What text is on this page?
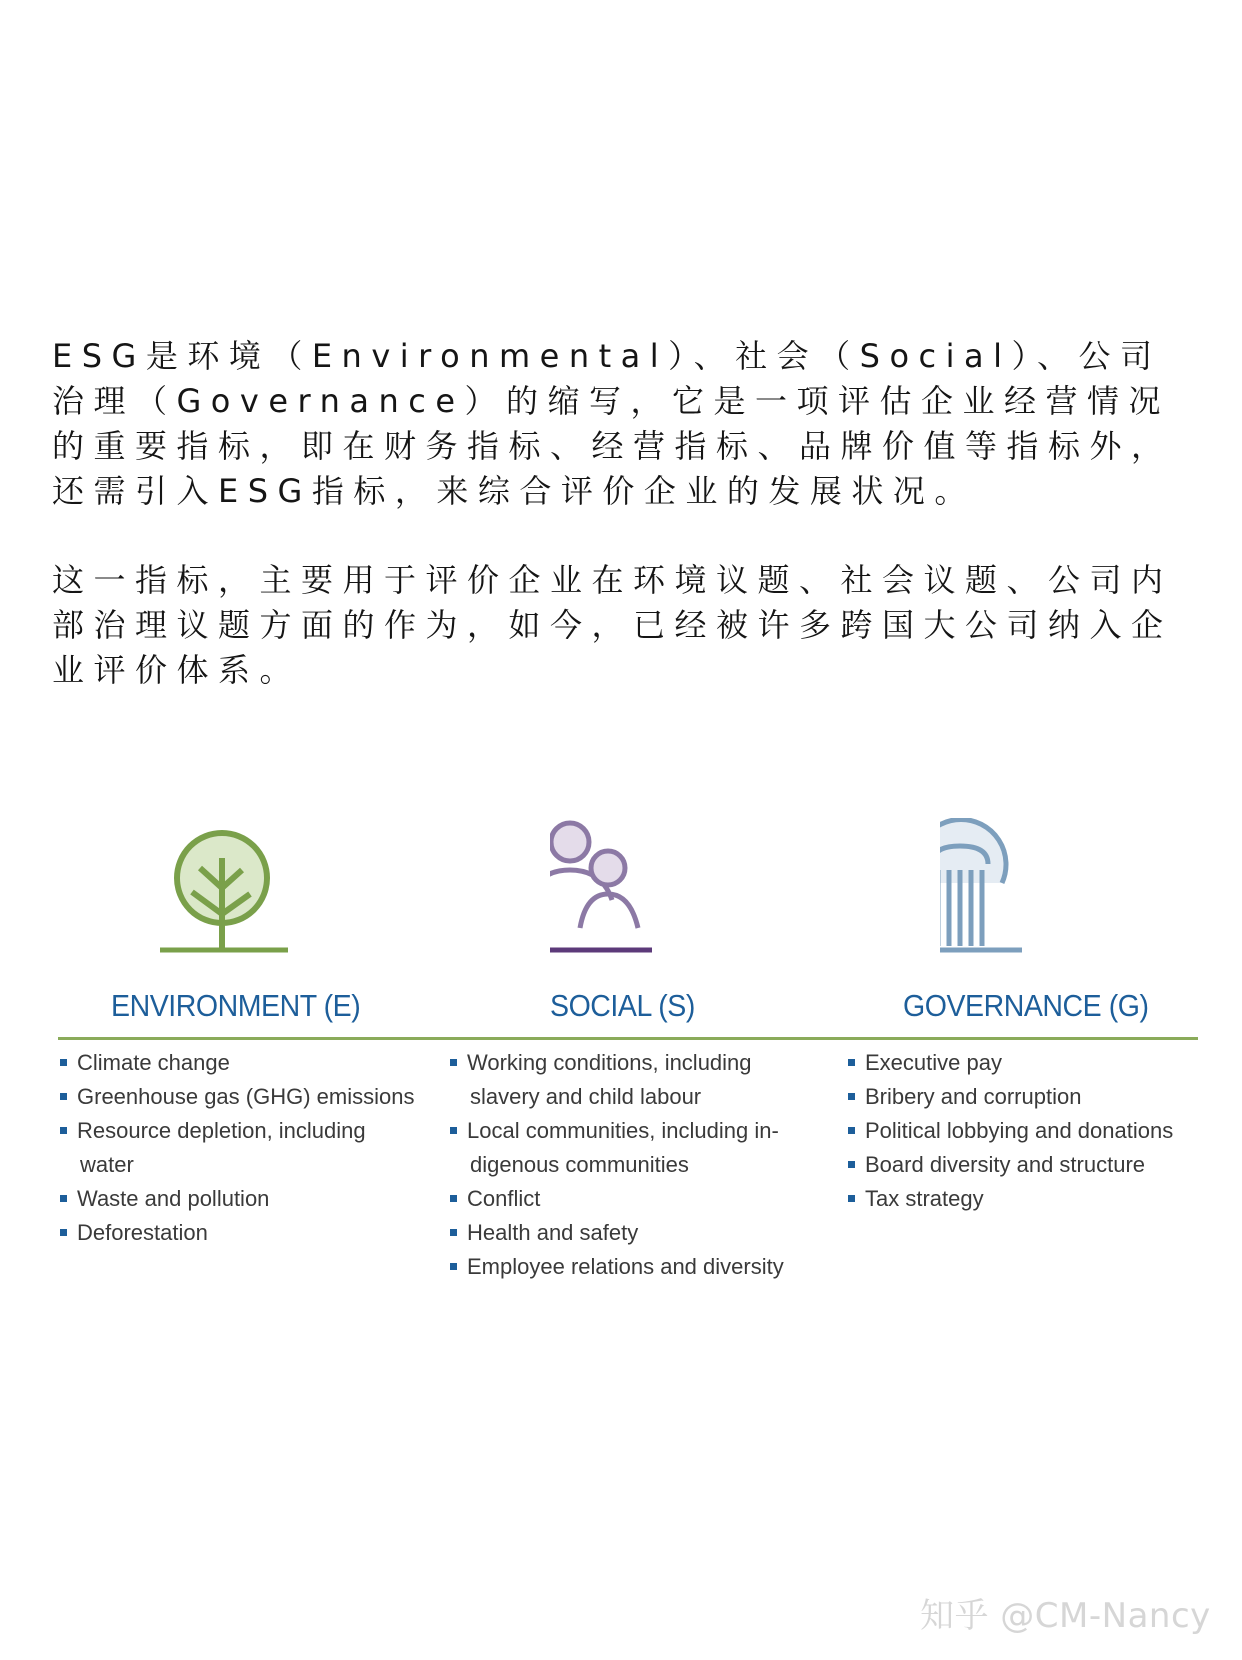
ESG是环境（Environmental）、社会（Social）、公司治理（Governance）的缩写，它是一项评估企业经营情况的重要指标，即在财务指标、经营指标、品牌价值等指标外，还需引入ESG指标，来综合评价企业的发展状况。

这一指标，主要用于评价企业在环境议题、社会议题、公司内部治理议题方面的作为，如今，已经被许多跨国大公司纳入企业评价体系。

ENVIRONMENT (E)	SOCIAL (S)	GOVERNANCE (G)
Climate change
Greenhouse gas (GHG) emissions
Resource depletion, including
water
Waste and pollution
Deforestation
Working conditions, including
slavery and child labour
Local communities, including in-
digenous communities
Conflict
Health and safety
Employee relations and diversity
Executive pay
Bribery and corruption
Political lobbying and donations
Board diversity and structure
Tax strategy
知乎 @CM-Nancy
